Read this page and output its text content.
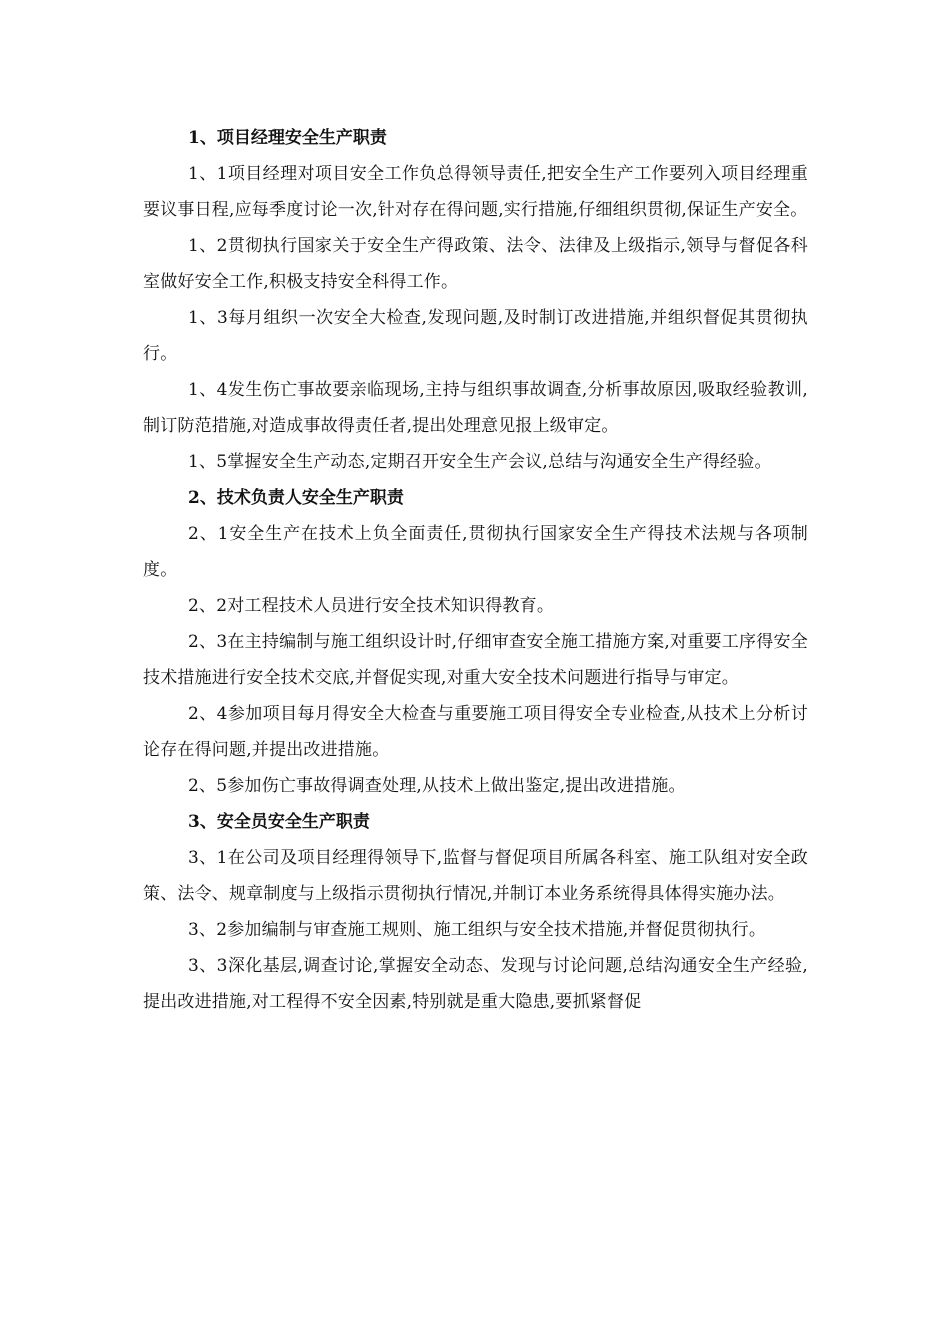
1、项目经理安全生产职责

1、1项目经理对项目安全工作负总得领导责任,把安全生产工作要列入项目经理重要议事日程,应每季度讨论一次,针对存在得问题,实行措施,仔细组织贯彻,保证生产安全。

1、2贯彻执行国家关于安全生产得政策、法令、法律及上级指示,领导与督促各科室做好安全工作,积极支持安全科得工作。

1、3每月组织一次安全大检查,发现问题,及时制订改进措施,并组织督促其贯彻执行。

1、4发生伤亡事故要亲临现场,主持与组织事故调查,分析事故原因,吸取经验教训,制订防范措施,对造成事故得责任者,提出处理意见报上级审定。

1、5掌握安全生产动态,定期召开安全生产会议,总结与沟通安全生产得经验。

2、技术负责人安全生产职责

2、1安全生产在技术上负全面责任,贯彻执行国家安全生产得技术法规与各项制度。

2、2对工程技术人员进行安全技术知识得教育。

2、3在主持编制与施工组织设计时,仔细审查安全施工措施方案,对重要工序得安全技术措施进行安全技术交底,并督促实现,对重大安全技术问题进行指导与审定。

2、4参加项目每月得安全大检查与重要施工项目得安全专业检查,从技术上分析讨论存在得问题,并提出改进措施。

2、5参加伤亡事故得调查处理,从技术上做出鉴定,提出改进措施。

3、安全员安全生产职责

3、1在公司及项目经理得领导下,监督与督促项目所属各科室、施工队组对安全政策、法令、规章制度与上级指示贯彻执行情况,并制订本业务系统得具体得实施办法。

3、2参加编制与审查施工规则、施工组织与安全技术措施,并督促贯彻执行。

3、3深化基层,调查讨论,掌握安全动态、发现与讨论问题,总结沟通安全生产经验,提出改进措施,对工程得不安全因素,特别就是重大隐患,要抓紧督促
